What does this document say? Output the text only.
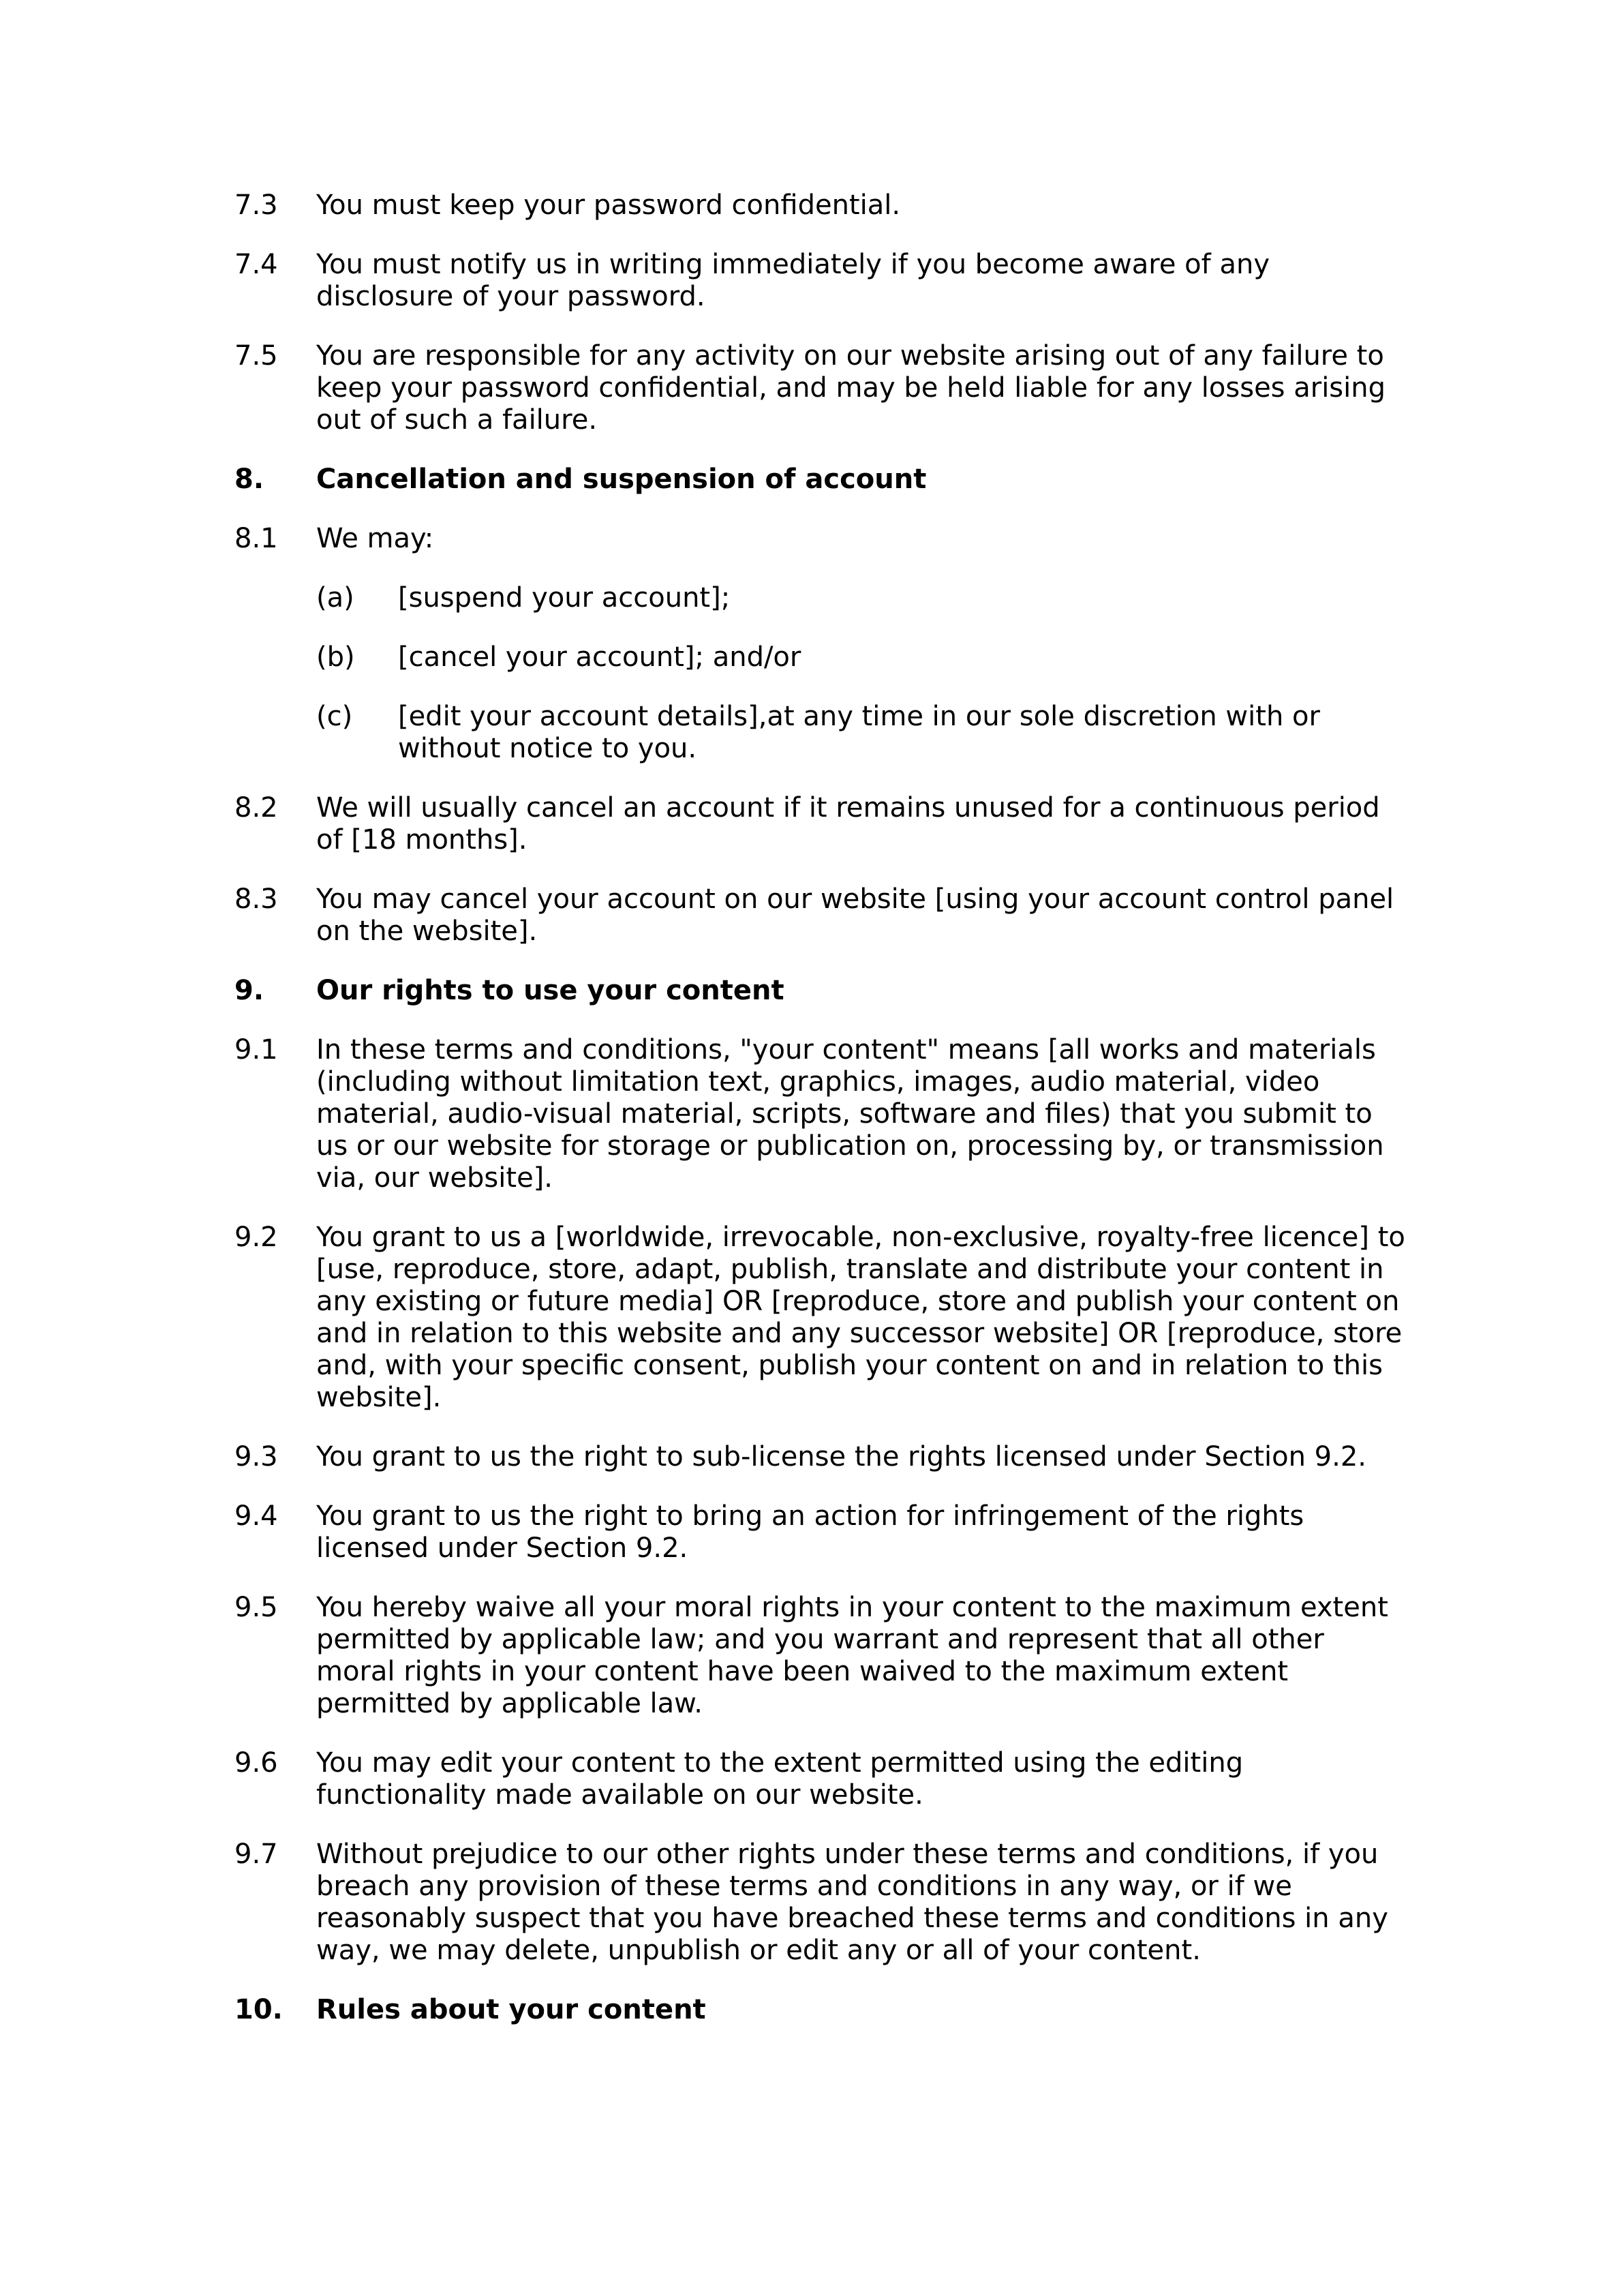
7.3	You must keep your password confidential.
7.4	You must notify us in writing immediately if you become aware of any disclosure of your password.
7.5	You are responsible for any activity on our website arising out of any failure to keep your password confidential, and may be held liable for any losses arising out of such a failure.
8.	Cancellation and suspension of account
8.1	We may:
(a)	[suspend your account];
(b)	[cancel your account]; and/or
(c)	[edit your account details],at any time in our sole discretion with or without notice to you.
8.2	We will usually cancel an account if it remains unused for a continuous period of [18 months].
8.3	You may cancel your account on our website [using your account control panel on the website].
9.	Our rights to use your content
9.1	In these terms and conditions, "your content" means [all works and materials (including without limitation text, graphics, images, audio material, video material, audio-visual material, scripts, software and files) that you submit to us or our website for storage or publication on, processing by, or transmission via, our website].
9.2	You grant to us a [worldwide, irrevocable, non-exclusive, royalty-free licence] to [use, reproduce, store, adapt, publish, translate and distribute your content in any existing or future media] OR [reproduce, store and publish your content on and in relation to this website and any successor website] OR [reproduce, store and, with your specific consent, publish your content on and in relation to this website].
9.3	You grant to us the right to sub-license the rights licensed under Section 9.2.
9.4	You grant to us the right to bring an action for infringement of the rights licensed under Section 9.2.
9.5	You hereby waive all your moral rights in your content to the maximum extent permitted by applicable law; and you warrant and represent that all other moral rights in your content have been waived to the maximum extent permitted by applicable law.
9.6	You may edit your content to the extent permitted using the editing functionality made available on our website.
9.7	Without prejudice to our other rights under these terms and conditions, if you breach any provision of these terms and conditions in any way, or if we reasonably suspect that you have breached these terms and conditions in any way, we may delete, unpublish or edit any or all of your content.
10.	Rules about your content
